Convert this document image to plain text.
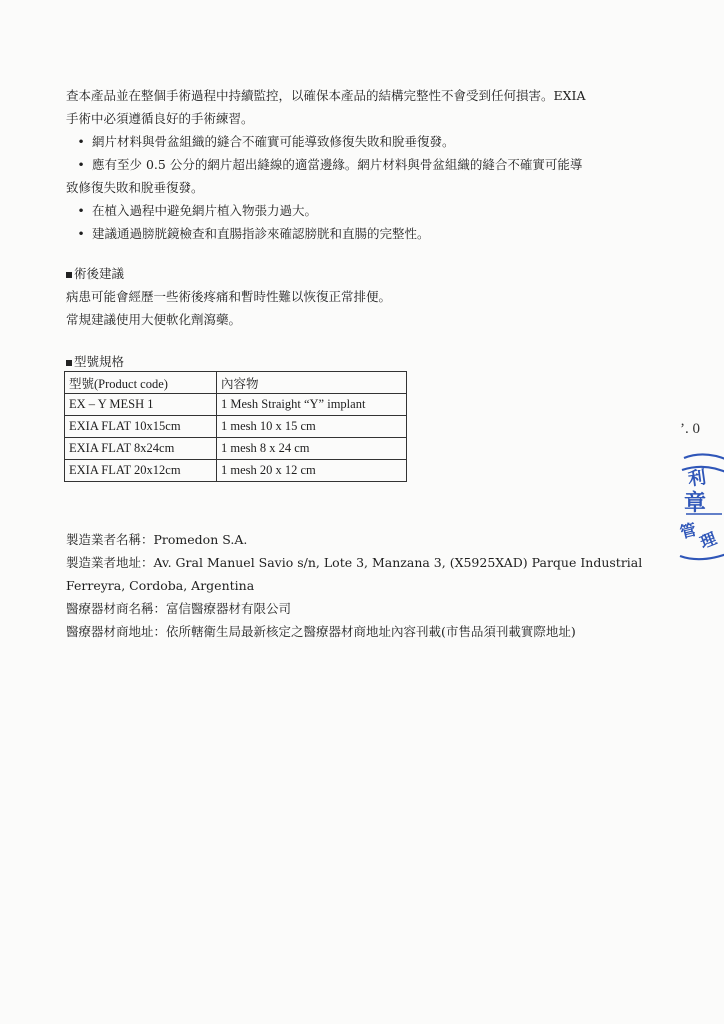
查本產品並在整個手術過程中持續監控，以確保本產品的結構完整性不會受到任何損害。EXIA
手術中必須遵循良好的手術練習。
• 網片材料與骨盆組織的縫合不確實可能導致修復失敗和脫垂復發。
• 應有至少 0.5 公分的網片超出縫線的適當邊緣。網片材料與骨盆組織的縫合不確實可能導
致修復失敗和脫垂復發。
• 在植入過程中避免網片植入物張力過大。
• 建議通過膀胱鏡檢查和直腸指診來確認膀胱和直腸的完整性。
術後建議
病患可能會經歷一些術後疼痛和暫時性難以恢復正常排便。
常規建議使用大便軟化劑瀉藥。
型號規格
型號(Product code)	內容物
EX – Y MESH 1	1 Mesh Straight “Y” implant
EXIA FLAT 10x15cm	1 mesh 10 x 15 cm
EXIA FLAT 8x24cm	1 mesh 8 x 24 cm
EXIA FLAT 20x12cm	1 mesh 20 x 12 cm
製造業者名稱：Promedon S.A.
製造業者地址：Av. Gral Manuel Savio s/n, Lote 3, Manzana 3, (X5925XAD) Parque Industrial
Ferreyra, Cordoba, Argentina
醫療器材商名稱：富信醫療器材有限公司
醫療器材商地址：依所轄衛生局最新核定之醫療器材商地址內容刊載(市售品須刊載實際地址)
’. 0
利
章
管
理
